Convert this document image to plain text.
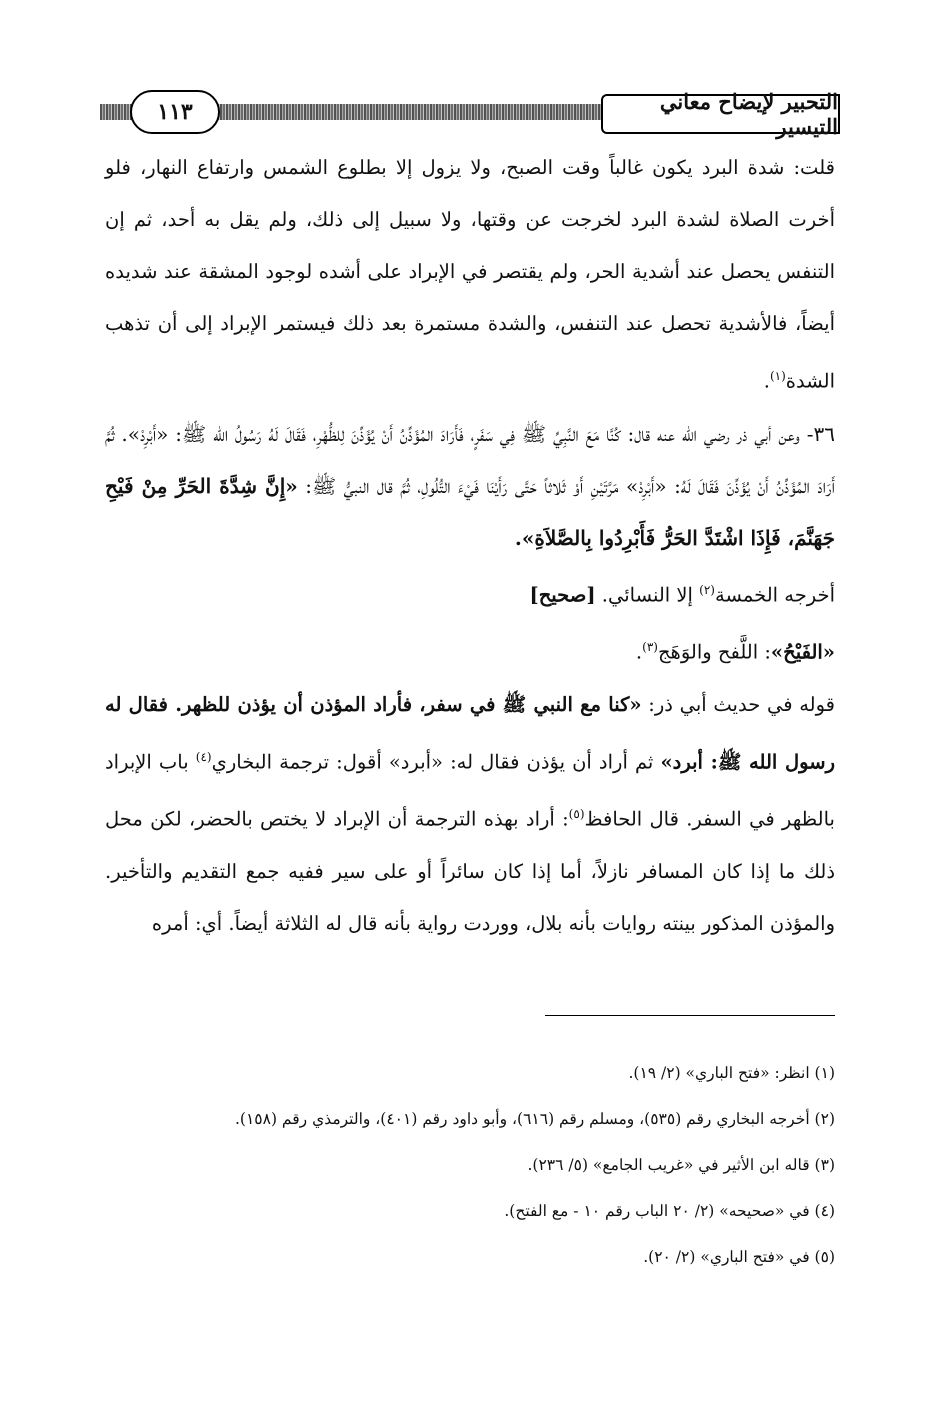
١١٣	التحبير لإيضاح معاني التيسير

قلت: شدة البرد يكون غالباً وقت الصبح، ولا يزول إلا بطلوع الشمس وارتفاع النهار، فلو أخرت الصلاة لشدة البرد لخرجت عن وقتها، ولا سبيل إلى ذلك، ولم يقل به أحد، ثم إن التنفس يحصل عند أشدية الحر، ولم يقتصر في الإبراد على أشده لوجود المشقة عند شديده أيضاً، فالأشدية تحصل عند التنفس، والشدة مستمرة بعد ذلك فيستمر الإبراد إلى أن تذهب الشدة$^{(١)}$.

٣٦- وعن أبي ذر رضي الله عنه قال: كُنَّا مَعَ النَّبِيِّ ﷺ فِي سَفَرٍ، فَأَرَادَ المُؤَذِّنُ أَنْ يُؤَذِّنَ لِلظُّهْرِ، فَقَالَ لَهُ رَسُولُ الله ﷺ: «أَبْرِدْ». ثُمَّ أَرَادَ المُؤَذِّنُ أَنْ يُؤَذِّنَ فَقَالَ لَهُ: «أَبْرِدْ» مَرَّتَيْنِ أَوْ ثَلاثاً حَتَّى رَأَيْنَا فَيْءَ التُّلُولِ، ثُمَّ قال النبيُّ ﷺ: «إِنَّ شِدَّةَ الحَرِّ مِنْ فَيْحِ جَهَنَّمَ، فَإِذَا اشْتَدَّ الحَرُّ فَأَبْرِدُوا بِالصَّلاَةِ».

أخرجه الخمسة$^{(٢)}$ إلا النسائي. [صحيح]

«الفَيْحُ»: اللَّفح والوَهَج$^{(٣)}$.

قوله في حديث أبي ذر: «كنا مع النبي ﷺ في سفر، فأراد المؤذن أن يؤذن للظهر. فقال له رسول الله ﷺ: أبرد» ثم أراد أن يؤذن فقال له: «أبرد» أقول: ترجمة البخاري$^{(٤)}$ باب الإبراد بالظهر في السفر. قال الحافظ$^{(٥)}$: أراد بهذه الترجمة أن الإبراد لا يختص بالحضر، لكن محل ذلك ما إذا كان المسافر نازلاً، أما إذا كان سائراً أو على سير ففيه جمع التقديم والتأخير. والمؤذن المذكور بينته روايات بأنه بلال، ووردت رواية بأنه قال له الثلاثة أيضاً. أي: أمره

(١) انظر: «فتح الباري» (٢/ ١٩).

(٢) أخرجه البخاري رقم (٥٣٥)، ومسلم رقم (٦١٦)، وأبو داود رقم (٤٠١)، والترمذي رقم (١٥٨).

(٣) قاله ابن الأثير في «غريب الجامع» (٥/ ٢٣٦).

(٤) في «صحيحه» (٢/ ٢٠ الباب رقم ١٠ - مع الفتح).

(٥) في «فتح الباري» (٢/ ٢٠).
